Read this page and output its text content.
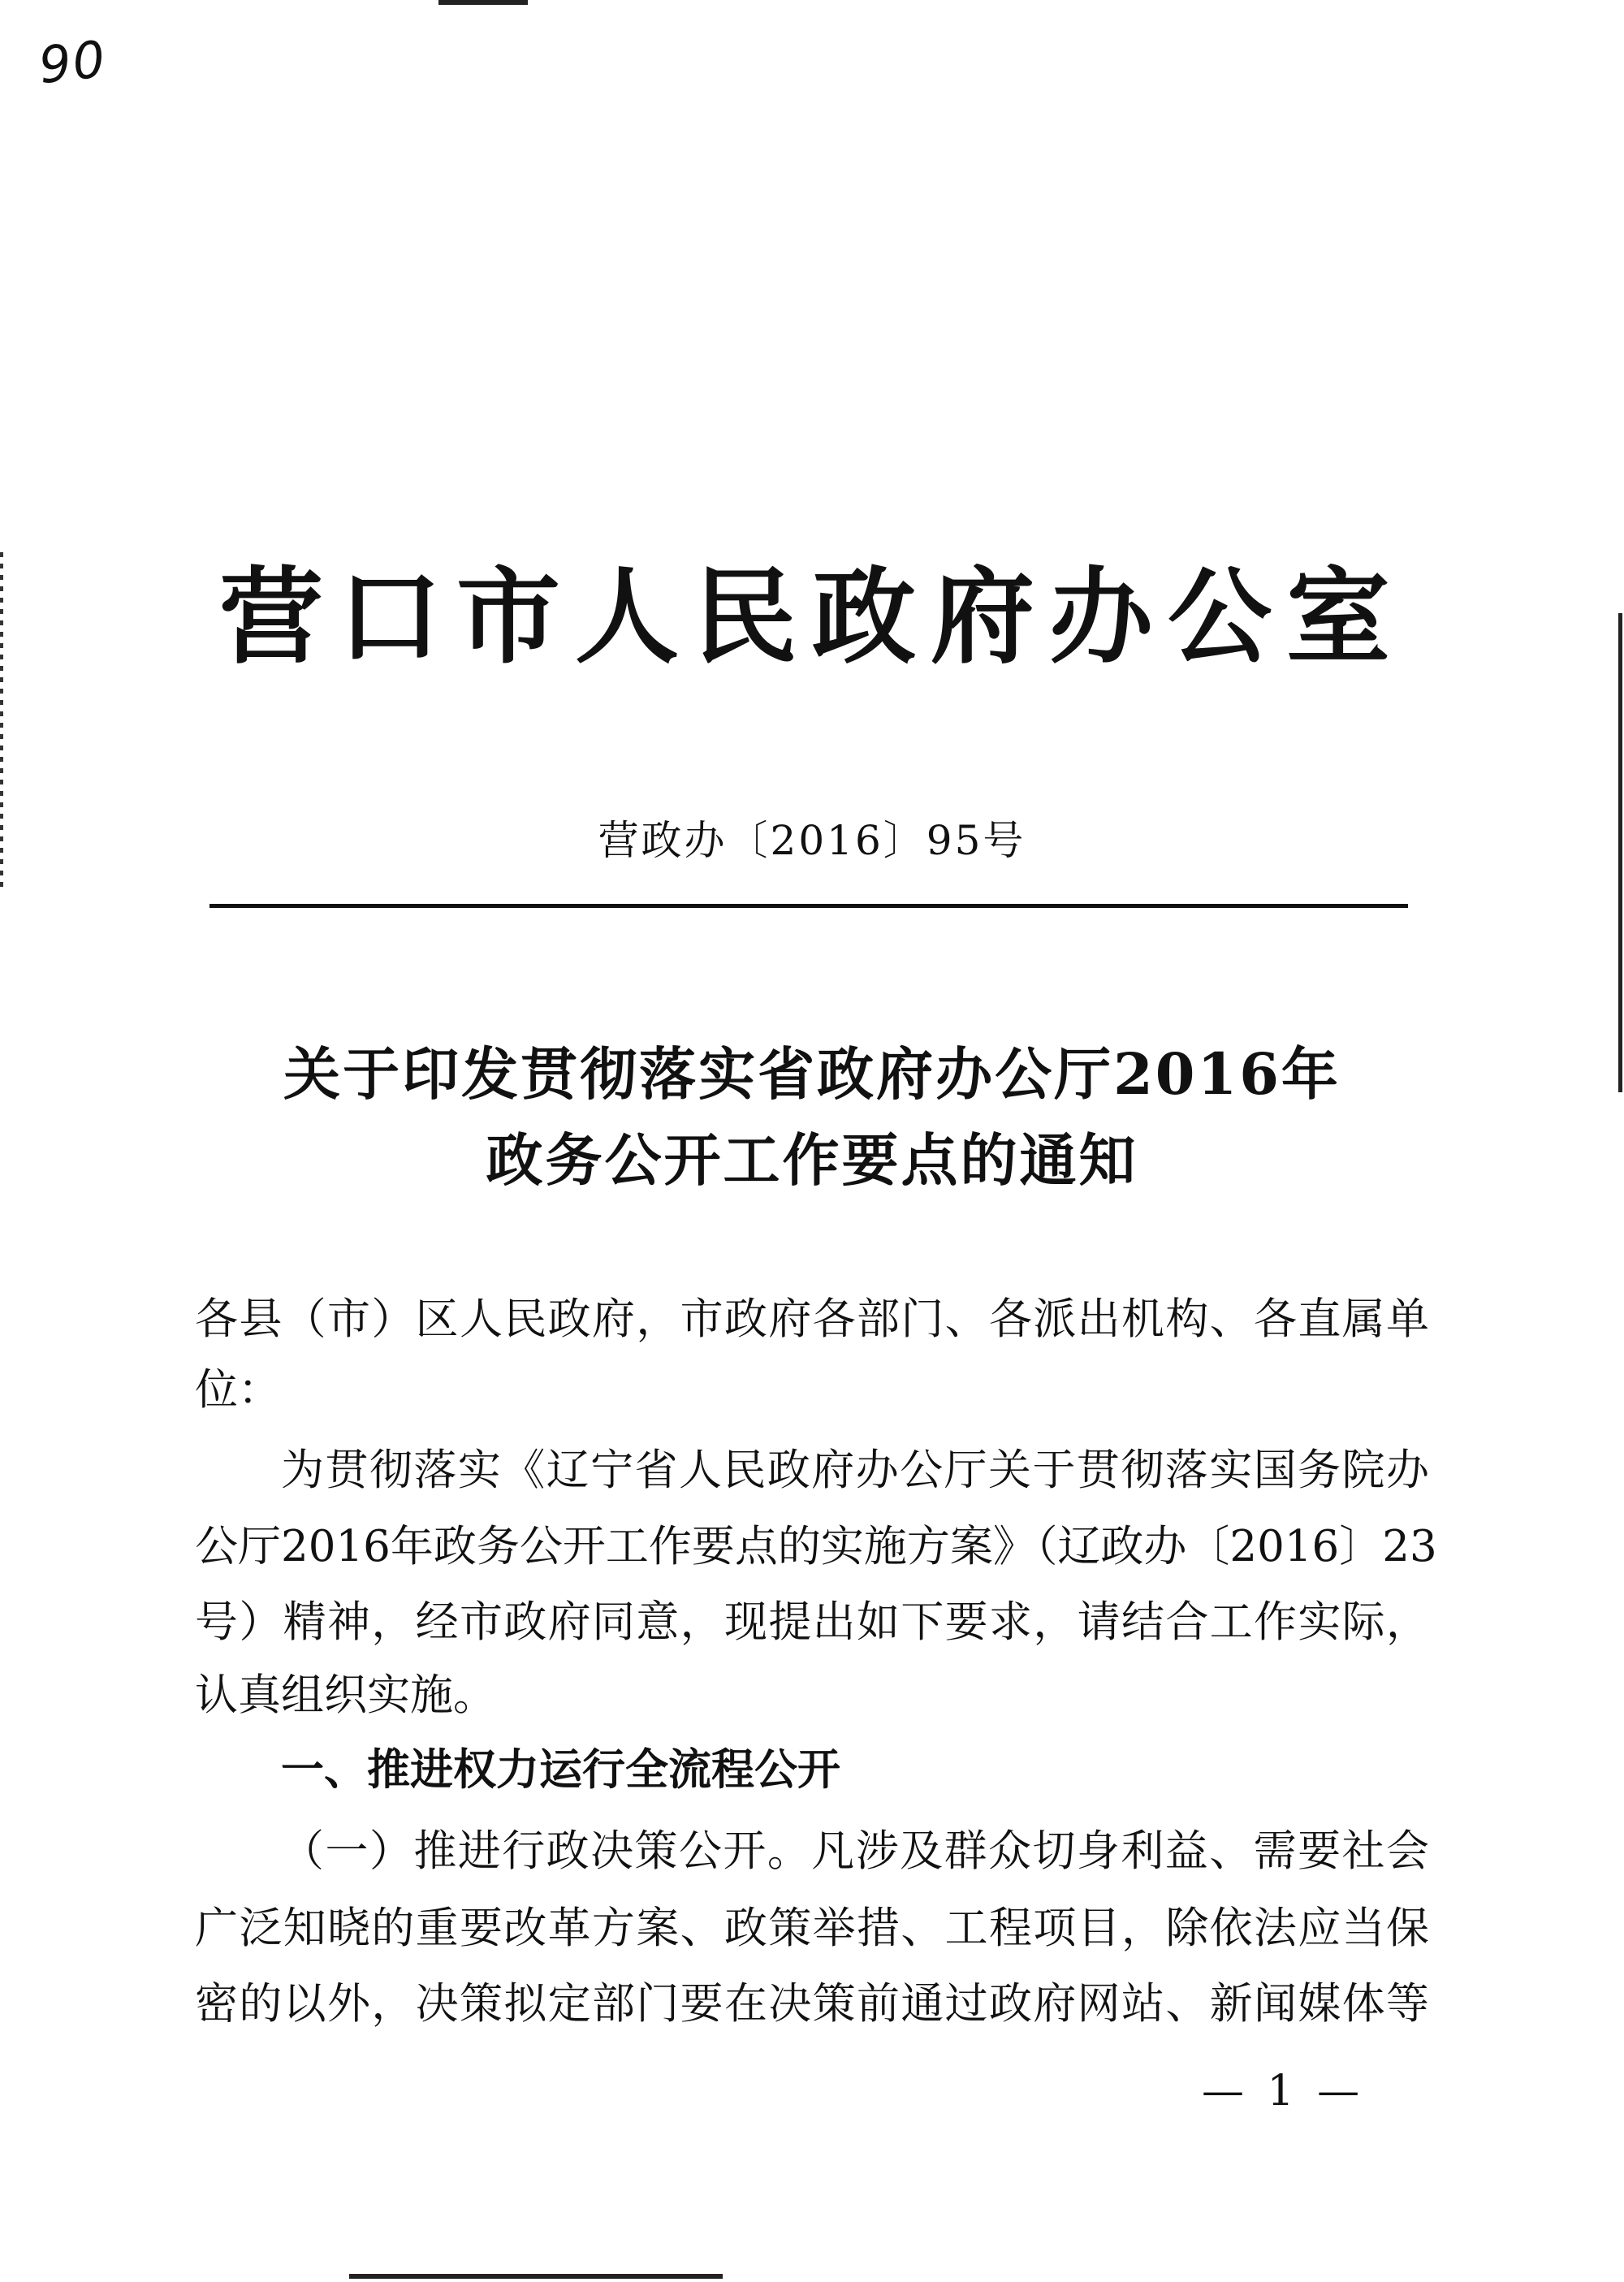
90
营口市人民政府办公室
营政办〔2016〕95号
关于印发贯彻落实省政府办公厅2016年
政务公开工作要点的通知
各县（市）区人民政府，市政府各部门、各派出机构、各直属单
位：
为贯彻落实《辽宁省人民政府办公厅关于贯彻落实国务院办
公厅2016年政务公开工作要点的实施方案》（辽政办〔2016〕23
号）精神，经市政府同意，现提出如下要求，请结合工作实际，
认真组织实施。
一、推进权力运行全流程公开
（一）推进行政决策公开。凡涉及群众切身利益、需要社会
广泛知晓的重要改革方案、政策举措、工程项目，除依法应当保
密的以外，决策拟定部门要在决策前通过政府网站、新闻媒体等
— 1 —
